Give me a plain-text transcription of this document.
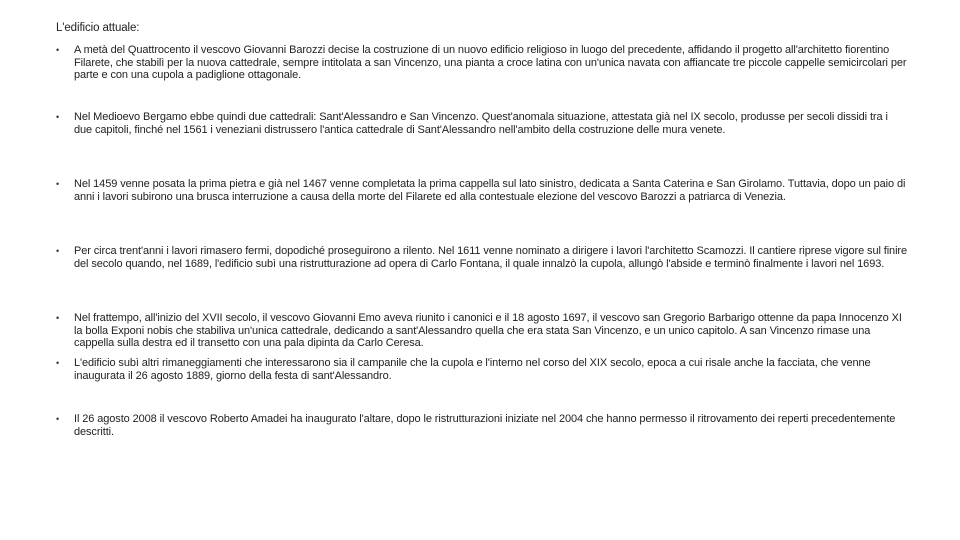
L'edificio attuale:
•	A metà del Quattrocento il vescovo Giovanni Barozzi decise la costruzione di un nuovo edificio religioso in luogo del precedente, affidando il progetto all'architetto fiorentino Filarete, che stabilì per la nuova cattedrale, sempre intitolata a san Vincenzo, una pianta a croce latina con un'unica navata con affiancate tre piccole cappelle semicircolari per parte e con una cupola a padiglione ottagonale.
•	Nel Medioevo Bergamo ebbe quindi due cattedrali: Sant'Alessandro e San Vincenzo. Quest'anomala situazione, attestata già nel IX secolo, produsse per secoli dissidi tra i due capitoli, finché nel 1561 i veneziani distrussero l'antica cattedrale di Sant'Alessandro nell'ambito della costruzione delle mura venete.
•	Nel 1459 venne posata la prima pietra e già nel 1467 venne completata la prima cappella sul lato sinistro, dedicata a Santa Caterina e San Girolamo. Tuttavia, dopo un paio di anni i lavori subirono una brusca interruzione a causa della morte del Filarete ed alla contestuale elezione del vescovo Barozzi a patriarca di Venezia.
•	Per circa trent'anni i lavori rimasero fermi, dopodiché proseguirono a rilento. Nel 1611 venne nominato a dirigere i lavori l'architetto Scamozzi. Il cantiere riprese vigore sul finire del secolo quando, nel 1689, l'edificio subì una ristrutturazione ad opera di Carlo Fontana, il quale innalzò la cupola, allungò l'abside e terminò finalmente i lavori nel 1693.
•	Nel frattempo, all'inizio del XVII secolo, il vescovo Giovanni Emo aveva riunito i canonici e il 18 agosto 1697, il vescovo san Gregorio Barbarigo ottenne da papa Innocenzo XI la bolla Exponi nobis che stabiliva un'unica cattedrale, dedicando a sant'Alessandro quella che era stata San Vincenzo, e un unico capitolo. A san Vincenzo rimase una cappella sulla destra ed il transetto con una pala dipinta da Carlo Ceresa.
•	L'edificio subì altri rimaneggiamenti che interessarono sia il campanile che la cupola e l'interno nel corso del XIX secolo, epoca a cui risale anche la facciata, che venne inaugurata il 26 agosto 1889, giorno della festa di sant'Alessandro.
•	Il 26 agosto 2008 il vescovo Roberto Amadei ha inaugurato l'altare, dopo le ristrutturazioni iniziate nel 2004 che hanno permesso il ritrovamento dei reperti precedentemente descritti.
